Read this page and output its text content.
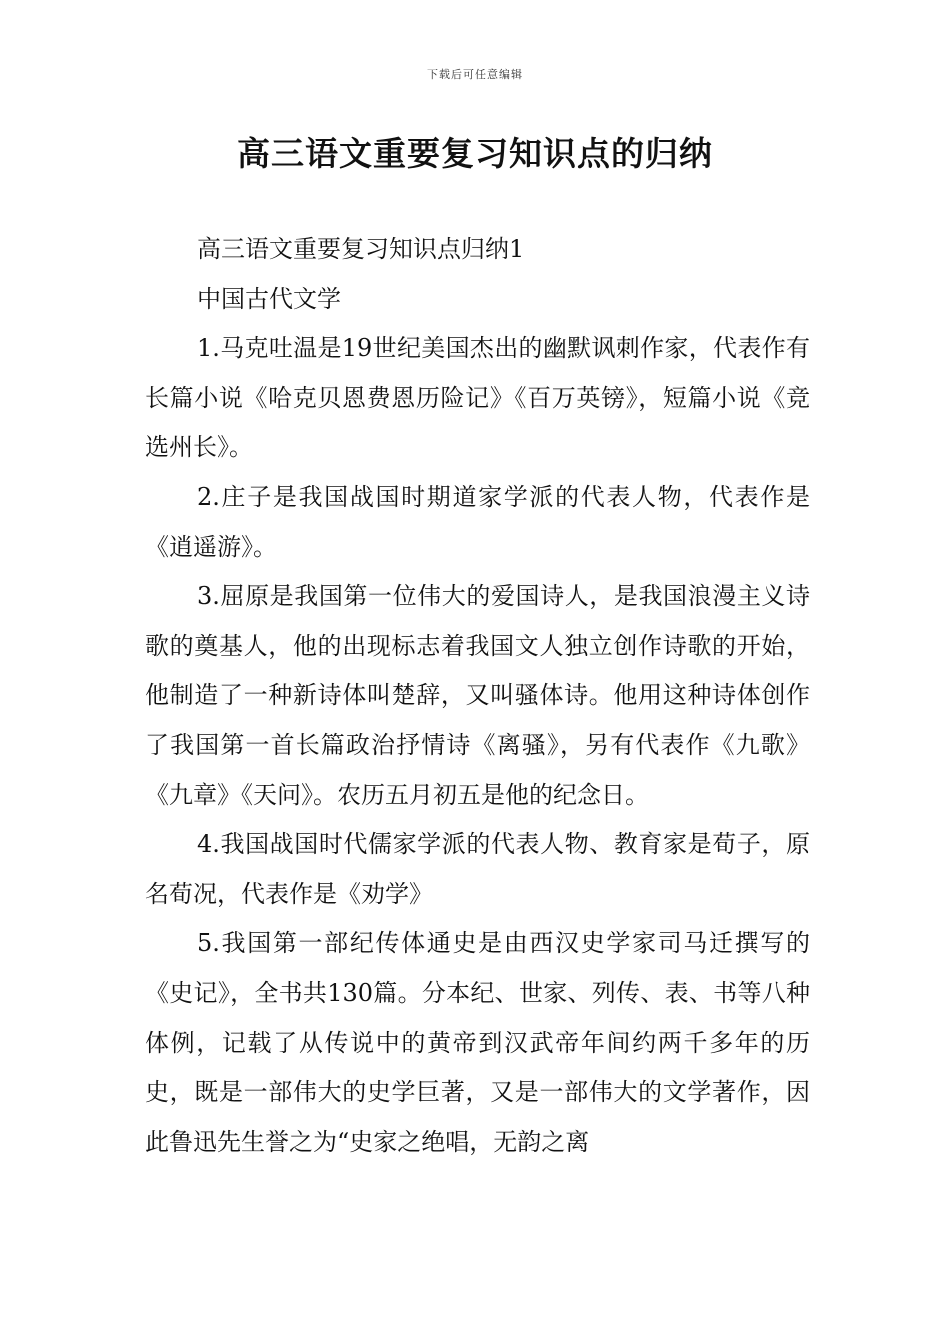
下载后可任意编辑
高三语文重要复习知识点的归纳

高三语文重要复习知识点归纳1

中国古代文学

1.马克吐温是19世纪美国杰出的幽默讽刺作家，代表作有长篇小说《哈克贝恩费恩历险记》《百万英镑》，短篇小说《竞选州长》。

2.庄子是我国战国时期道家学派的代表人物，代表作是《逍遥游》。

3.屈原是我国第一位伟大的爱国诗人，是我国浪漫主义诗歌的奠基人，他的出现标志着我国文人独立创作诗歌的开始，他制造了一种新诗体叫楚辞，又叫骚体诗。他用这种诗体创作了我国第一首长篇政治抒情诗《离骚》，另有代表作《九歌》《九章》《天问》。农历五月初五是他的纪念日。

4.我国战国时代儒家学派的代表人物、教育家是荀子，原名荀况，代表作是《劝学》

5.我国第一部纪传体通史是由西汉史学家司马迁撰写的《史记》，全书共130篇。分本纪、世家、列传、表、书等八种体例，记载了从传说中的黄帝到汉武帝年间约两千多年的历史，既是一部伟大的史学巨著，又是一部伟大的文学著作，因此鲁迅先生誉之为“史家之绝唱，无韵之离
